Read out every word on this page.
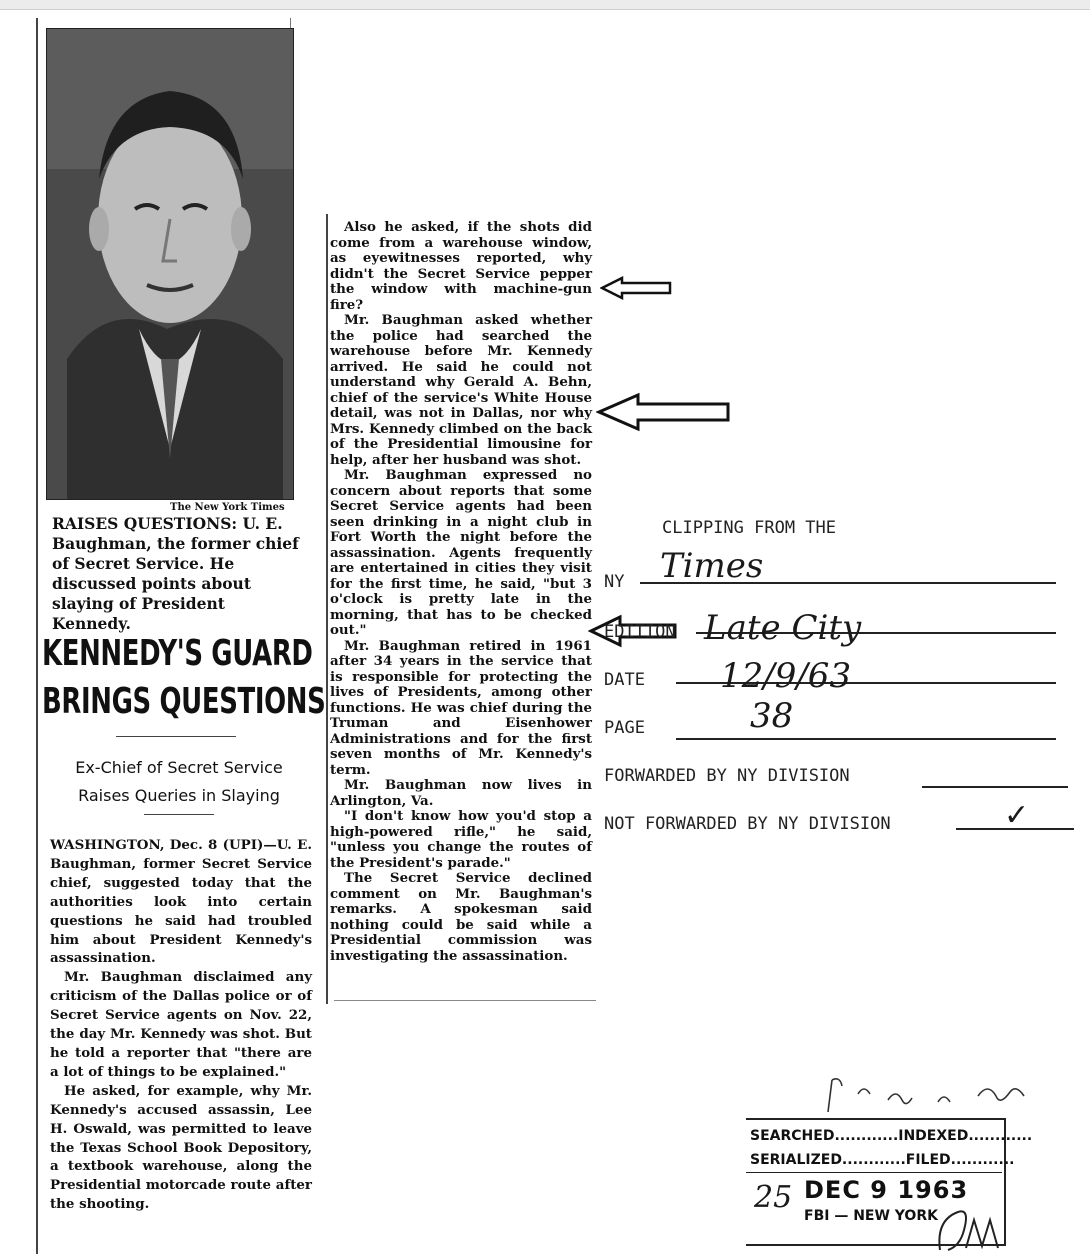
The New York Times
RAISES QUESTIONS: U. E. Baughman, the former chief of Secret Service. He discussed points about slaying of President Kennedy.
KENNEDY'S GUARD
BRINGS QUESTIONS
Ex-Chief of Secret Service
Raises Queries in Slaying

WASHINGTON, Dec. 8 (UPI)—U. E. Baughman, former Secret Service chief, suggested today that the authorities look into certain questions he said had troubled him about President Kennedy's assassination.

Mr. Baughman disclaimed any criticism of the Dallas police or of Secret Service agents on Nov. 22, the day Mr. Kennedy was shot. But he told a reporter that "there are a lot of things to be explained."

He asked, for example, why Mr. Kennedy's accused assassin, Lee H. Oswald, was permitted to leave the Texas School Book Depository, a textbook warehouse, along the Presidential motorcade route after the shooting.

Also he asked, if the shots did come from a warehouse window, as eyewitnesses reported, why didn't the Secret Service pepper the window with machine-gun fire?

Mr. Baughman asked whether the police had searched the warehouse before Mr. Kennedy arrived. He said he could not understand why Gerald A. Behn, chief of the service's White House detail, was not in Dallas, nor why Mrs. Kennedy climbed on the back of the Presidential limousine for help, after her husband was shot.

Mr. Baughman expressed no concern about reports that some Secret Service agents had been seen drinking in a night club in Fort Worth the night before the assassination. Agents frequently are entertained in cities they visit for the first time, he said, "but 3 o'clock is pretty late in the morning, that has to be checked out."

Mr. Baughman retired in 1961 after 34 years in the service that is responsible for protecting the lives of Presidents, among other functions. He was chief during the Truman and Eisenhower Administrations and for the first seven months of Mr. Kennedy's term.

Mr. Baughman now lives in Arlington, Va.

"I don't know how you'd stop a high-powered rifle," he said, "unless you change the routes of the President's parade."

The Secret Service declined comment on Mr. Baughman's remarks. A spokesman said nothing could be said while a Presidential commission was investigating the assassination.

CLIPPING FROM THE
NY Times
EDITION Late City
DATE 12/9/63
PAGE	38
FORWARDED BY NY DIVISION
NOT FORWARDED BY NY DIVISION	✓
SEARCHED............INDEXED............
SERIALIZED............FILED............
DEC 9 1963
FBI — NEW YORK
25
